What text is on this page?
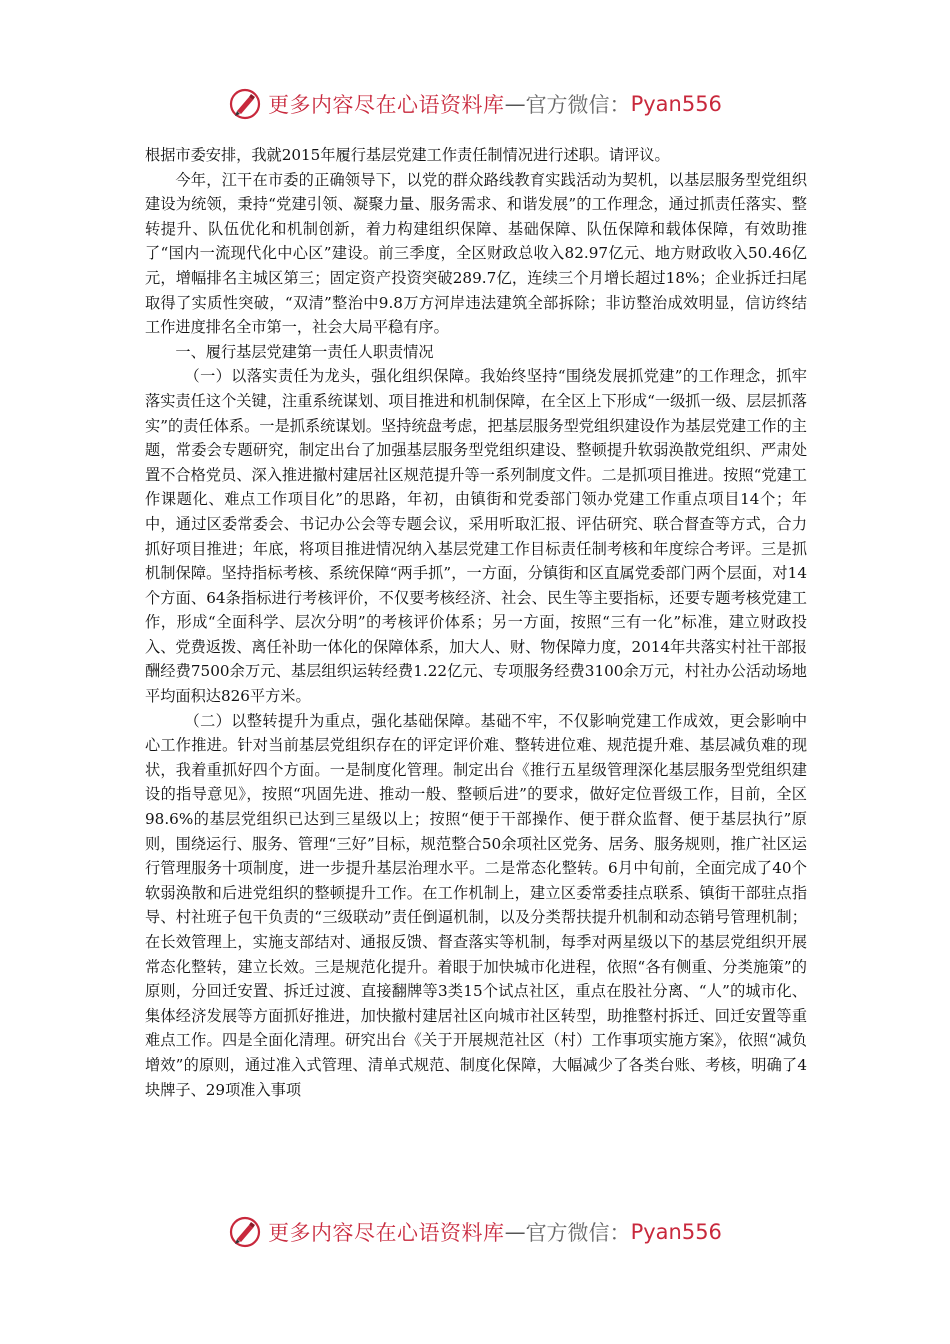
更多内容尽在心语资料库 — 官方微信： Pyan556

根据市委安排，我就2015年履行基层党建工作责任制情况进行述职。请评议。

今年，江干在市委的正确领导下，以党的群众路线教育实践活动为契机，以基层服务型党组织建设为统领，秉持“党建引领、凝聚力量、服务需求、和谐发展”的工作理念，通过抓责任落实、整转提升、队伍优化和机制创新，着力构建组织保障、基础保障、队伍保障和载体保障，有效助推了“国内一流现代化中心区”建设。前三季度，全区财政总收入82.97亿元、地方财政收入50.46亿元，增幅排名主城区第三；固定资产投资突破289.7亿，连续三个月增长超过18%；企业拆迁扫尾取得了实质性突破，“双清”整治中9.8万方河岸违法建筑全部拆除；非访整治成效明显，信访终结工作进度排名全市第一，社会大局平稳有序。

一、履行基层党建第一责任人职责情况

（一）以落实责任为龙头，强化组织保障。我始终坚持“围绕发展抓党建”的工作理念，抓牢落实责任这个关键，注重系统谋划、项目推进和机制保障，在全区上下形成“一级抓一级、层层抓落实”的责任体系。一是抓系统谋划。坚持统盘考虑，把基层服务型党组织建设作为基层党建工作的主题，常委会专题研究，制定出台了加强基层服务型党组织建设、整顿提升软弱涣散党组织、严肃处置不合格党员、深入推进撤村建居社区规范提升等一系列制度文件。二是抓项目推进。按照“党建工作课题化、难点工作项目化”的思路，年初，由镇街和党委部门领办党建工作重点项目14个；年中，通过区委常委会、书记办公会等专题会议，采用听取汇报、评估研究、联合督查等方式，合力抓好项目推进；年底，将项目推进情况纳入基层党建工作目标责任制考核和年度综合考评。三是抓机制保障。坚持指标考核、系统保障“两手抓”，一方面，分镇街和区直属党委部门两个层面，对14个方面、64条指标进行考核评价，不仅要考核经济、社会、民生等主要指标，还要专题考核党建工作，形成“全面科学、层次分明”的考核评价体系；另一方面，按照“三有一化”标准，建立财政投入、党费返拨、离任补助一体化的保障体系，加大人、财、物保障力度，2014年共落实村社干部报酬经费7500余万元、基层组织运转经费1.22亿元、专项服务经费3100余万元，村社办公活动场地平均面积达826平方米。

（二）以整转提升为重点，强化基础保障。基础不牢，不仅影响党建工作成效，更会影响中心工作推进。针对当前基层党组织存在的评定评价难、整转进位难、规范提升难、基层减负难的现状，我着重抓好四个方面。一是制度化管理。制定出台《推行五星级管理深化基层服务型党组织建设的指导意见》，按照“巩固先进、推动一般、整顿后进”的要求，做好定位晋级工作，目前，全区98.6%的基层党组织已达到三星级以上；按照“便于干部操作、便于群众监督、便于基层执行”原则，围绕运行、服务、管理“三好”目标，规范整合50余项社区党务、居务、服务规则，推广社区运行管理服务十项制度，进一步提升基层治理水平。二是常态化整转。6月中旬前，全面完成了40个软弱涣散和后进党组织的整顿提升工作。在工作机制上，建立区委常委挂点联系、镇街干部驻点指导、村社班子包干负责的“三级联动”责任倒逼机制，以及分类帮扶提升机制和动态销号管理机制；在长效管理上，实施支部结对、通报反馈、督查落实等机制，每季对两星级以下的基层党组织开展常态化整转，建立长效。三是规范化提升。着眼于加快城市化进程，依照“各有侧重、分类施策”的原则，分回迁安置、拆迁过渡、直接翻牌等3类15个试点社区，重点在股社分离、“人”的城市化、集体经济发展等方面抓好推进，加快撤村建居社区向城市社区转型，助推整村拆迁、回迁安置等重难点工作。四是全面化清理。研究出台《关于开展规范社区（村）工作事项实施方案》，依照“减负增效”的原则，通过准入式管理、清单式规范、制度化保障，大幅减少了各类台账、考核，明确了4块牌子、29项准入事项

更多内容尽在心语资料库 — 官方微信： Pyan556
